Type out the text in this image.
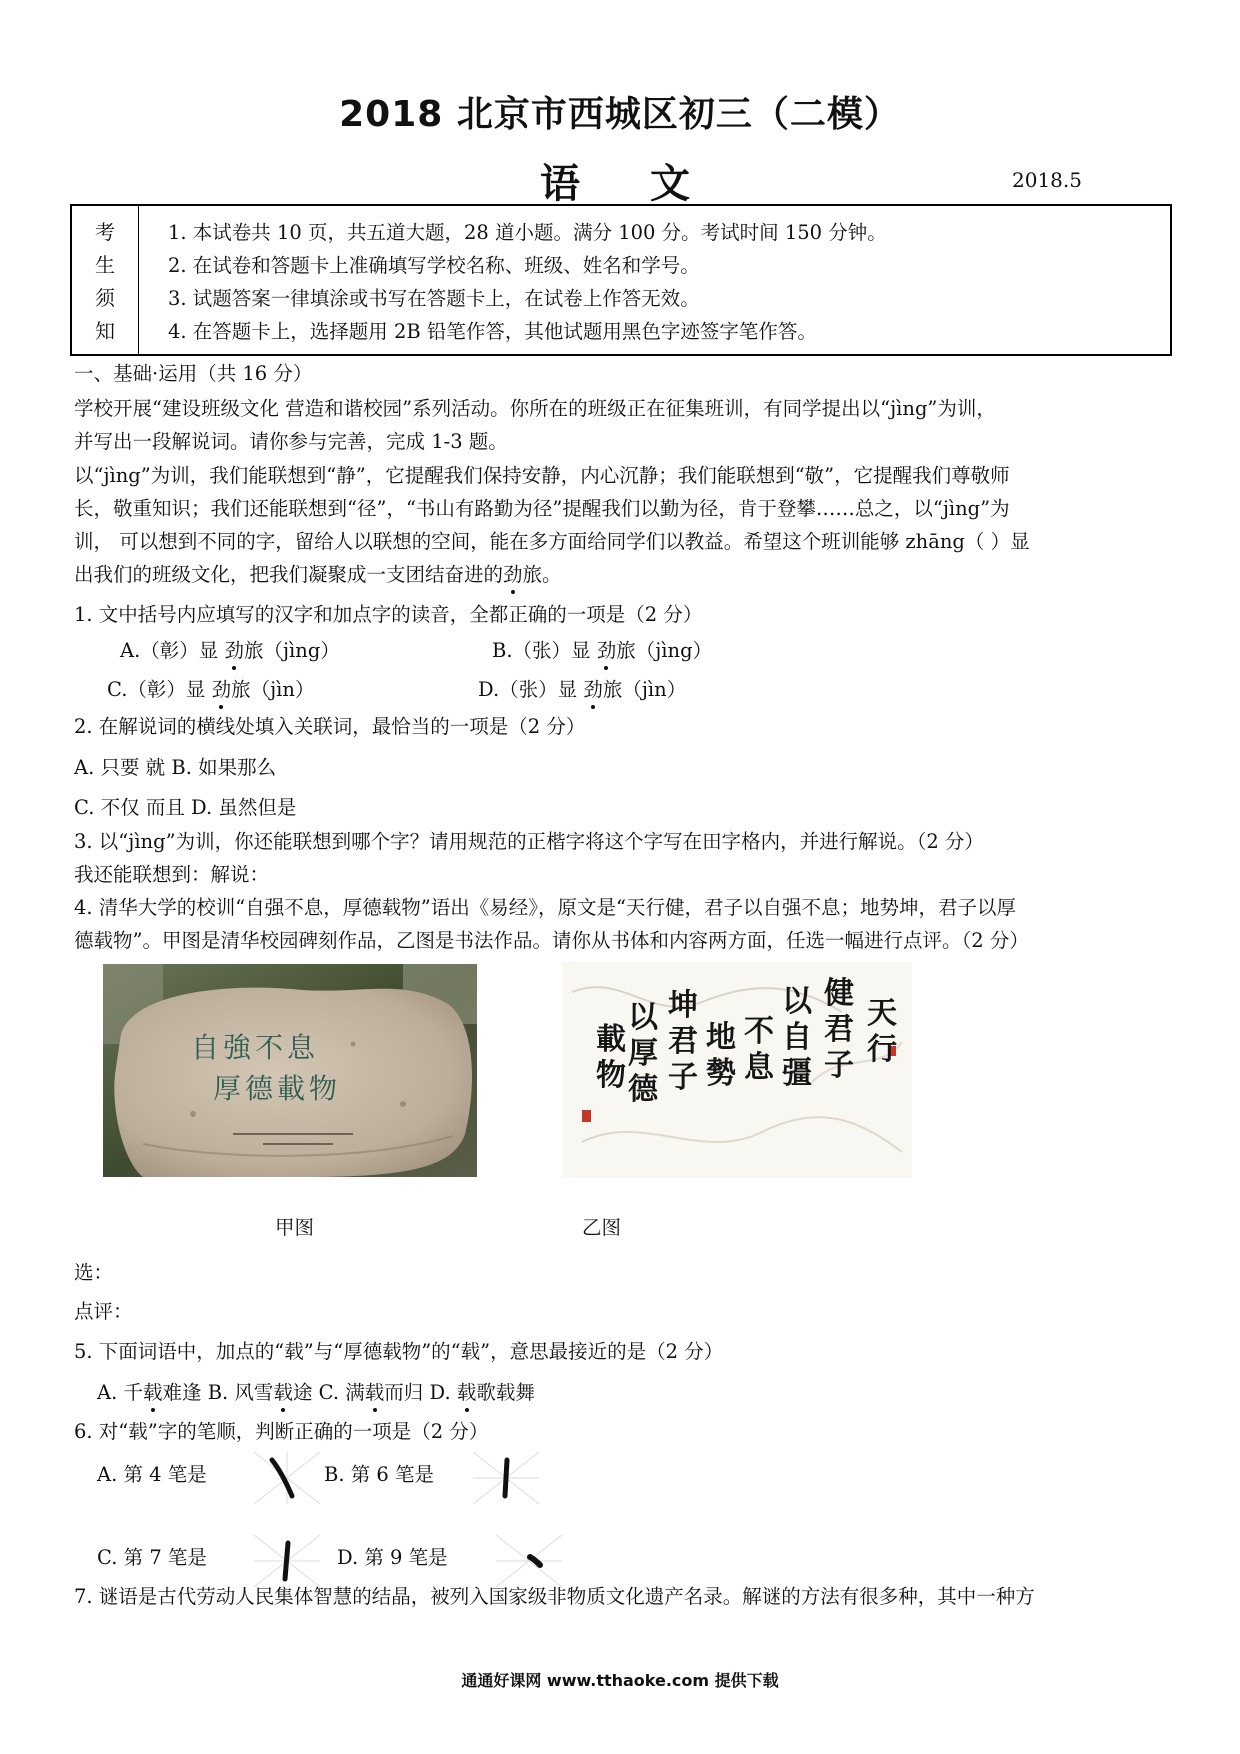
2018 北京市西城区初三（二模）
语文	2018.5
考
生
须
知
1. 本试卷共 10 页，共五道大题，28 道小题。满分 100 分。考试时间 150 分钟。
2. 在试卷和答题卡上准确填写学校名称、班级、姓名和学号。
3. 试题答案一律填涂或书写在答题卡上，在试卷上作答无效。
4. 在答题卡上，选择题用 2B 铅笔作答，其他试题用黑色字迹签字笔作答。
一、基础·运用（共 16 分）
学校开展“建设班级文化 营造和谐校园”系列活动。你所在的班级正在征集班训，有同学提出以“jìng”为训，
并写出一段解说词。请你参与完善，完成 1-3 题。
以“jìng”为训，我们能联想到“静”，它提醒我们保持安静，内心沉静；我们能联想到“敬”，它提醒我们尊敬师
长，敬重知识；我们还能联想到“径”，“书山有路勤为径”提醒我们以勤为径，肯于登攀……总之，以“jìng”为
训， 可以想到不同的字，留给人以联想的空间，能在多方面给同学们以教益。希望这个班训能够 zhāng（ ）显
出我们的班级文化，把我们凝聚成一支团结奋进的劲旅。
1. 文中括号内应填写的汉字和加点字的读音，全都正确的一项是（2 分）
A.（彰）显 劲旅（jìng）	B.（张）显 劲旅（jìng）
C.（彰）显 劲旅（jìn）	D.（张）显 劲旅（jìn）
2. 在解说词的横线处填入关联词，最恰当的一项是（2 分）
A. 只要 就 B. 如果那么
C. 不仅 而且 D. 虽然但是
3. 以“jìng”为训，你还能联想到哪个字？请用规范的正楷字将这个字写在田字格内，并进行解说。（2 分）
我还能联想到：解说：
4. 清华大学的校训“自强不息，厚德载物”语出《易经》，原文是“天行健，君子以自强不息；地势坤，君子以厚
德载物”。甲图是清华校园碑刻作品，乙图是书法作品。请你从书体和内容两方面，任选一幅进行点评。（2 分）
自強不息
厚德載物
天行
健君子
以自彊
不息
地勢
坤君子
以厚德
載物
甲图	乙图
选：
点评：
5. 下面词语中，加点的“载”与“厚德载物”的“载”，意思最接近的是（2 分）
A. 千载难逢 B. 风雪载途 C. 满载而归 D. 载歌载舞
6. 对“载”字的笔顺，判断正确的一项是（2 分）
A. 第 4 笔是	B. 第 6 笔是
C. 第 7 笔是	D. 第 9 笔是
7. 谜语是古代劳动人民集体智慧的结晶，被列入国家级非物质文化遗产名录。解谜的方法有很多种，其中一种方
通通好课网 www.tthaoke.com 提供下载
